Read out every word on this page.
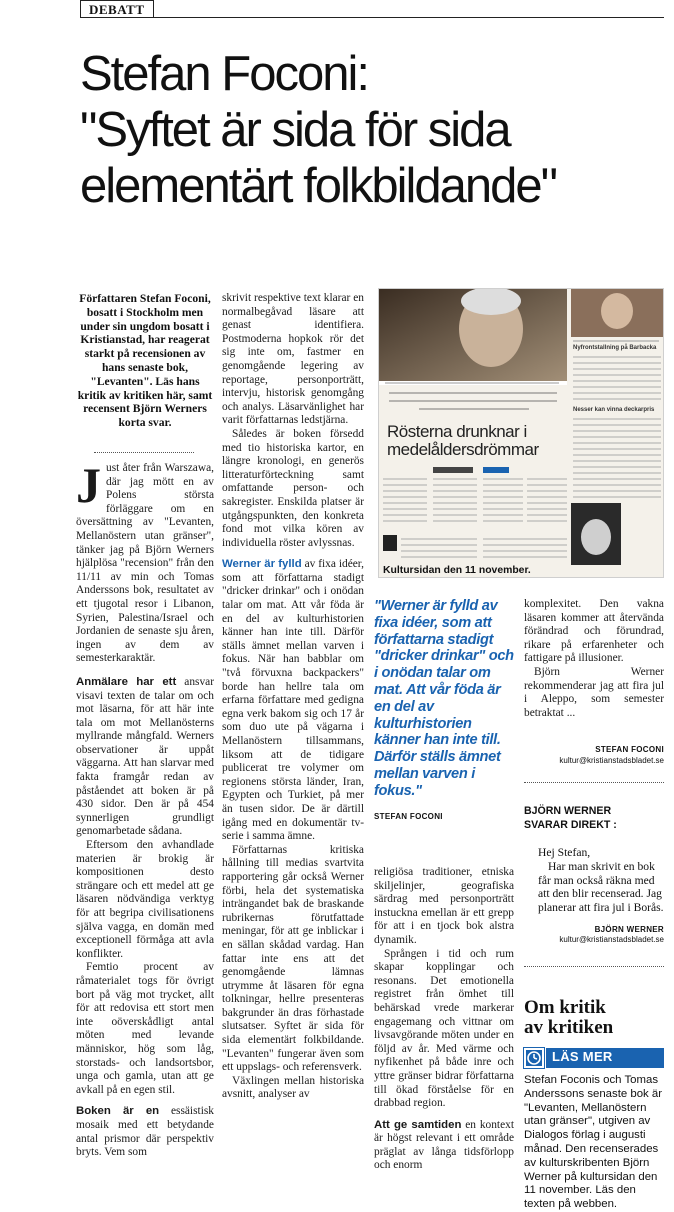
DEBATT
Stefan Foconi:
"Syftet är sida för sida
elementärt folkbildande"
Författaren Stefan Foconi, bosatt i Stockholm men under sin ungdom bosatt i Kristianstad, har reagerat starkt på recensionen av hans senaste bok, "Levanten". Läs hans kritik av kritiken här, samt recensent Björn Werners korta svar.

Just åter från Warszawa, där jag mött en av Polens största förläggare om en översättning av "Levanten, Mellanöstern utan gränser", tänker jag på Björn Werners hjälplösa "recension" från den 11/11 av min och Tomas Anderssons bok, resultatet av ett tjugotal resor i Libanon, Syrien, Palestina/Israel och Jordanien de senaste sju åren, ingen av dem av semesterkaraktär.

Anmälare har ett ansvar visavi texten de talar om och mot läsarna, för att här inte tala om mot Mellanösterns myllrande mångfald. Werners observationer är uppåt väggarna. Att han slarvar med fakta framgår redan av påståendet att boken är på 430 sidor. Den är på 454 synnerligen grundligt genomarbetade sådana.

Eftersom den avhandlade materien är brokig är kompositionen desto strängare och ett medel att ge läsaren nödvändiga verktyg för att begripa civilisationens själva vagga, en domän med exceptionell förmåga att avla konflikter.

Femtio procent av råmaterialet togs för övrigt bort på väg mot trycket, allt för att redovisa ett stort men inte oöverskådligt antal möten med levande människor, hög som låg, storstads- och landsortsbor, unga och gamla, utan att ge avkall på en egen stil.

Boken är en essäistisk mosaik med ett betydande antal prismor där perspektiv bryts. Vem som

skrivit respektive text klarar en normalbegåvad läsare att genast identifiera. Postmoderna hopkok rör det sig inte om, fastmer en genomgående legering av reportage, personporträtt, intervju, historisk genomgång och analys. Läsarvänlighet har varit författarnas ledstjärna.

Således är boken försedd med tio historiska kartor, en längre kronologi, en generös litteraturförteckning samt omfattande person- och sakregister. Enskilda platser är utgångspunkten, den konkreta fond mot vilka kören av individuella röster avlyssnas.

Werner är fylld av fixa idéer, som att författarna stadigt "dricker drinkar" och i onödan talar om mat. Att vår föda är en del av kulturhistorien känner han inte till. Därför ställs ämnet mellan varven i fokus. När han babblar om "två förvuxna backpackers" borde han hellre tala om erfarna författare med gedigna egna verk bakom sig och 17 år som duo ute på vägarna i Mellanöstern tillsammans, liksom att de tidigare publicerat tre volymer om regionens största länder, Iran, Egypten och Turkiet, på mer än tusen sidor. De är därtill igång med en dokumentär tv-serie i samma ämne.

Författarnas kritiska hållning till medias svartvita rapportering går också Werner förbi, hela det systematiska inträngandet bak de braskande rubrikernas förutfattade meningar, för att ge inblickar i en sällan skådad vardag. Han fattar inte ens att det genomgående lämnas utrymme åt läsaren för egna tolkningar, hellre presenteras bakgrunder än dras förhastade slutsatser. Syftet är sida för sida elementärt folkbildande. "Levanten" fungerar även som ett uppslags- och referensverk.

Växlingen mellan historiska avsnitt, analyser av

Rösterna drunknar i medelåldersdrömmar
Nyfrontstallning på Barbacka
Nesser kan vinna deckarpris
Kultursidan den 11 november.
"Werner är fylld av fixa idéer, som att författarna stadigt "dricker drinkar" och i onödan talar om mat. Att vår föda är en del av kulturhistorien känner han inte till. Därför ställs ämnet mellan varven i fokus."
STEFAN FOCONI

religiösa traditioner, etniska skiljelinjer, geografiska särdrag med personporträtt instuckna emellan är ett grepp för att i en tjock bok alstra dynamik.

Sprången i tid och rum skapar kopplingar och resonans. Det emotionella registret från ömhet till behärskad vrede markerar engagemang och vittnar om livsavgörande möten under en följd av år. Med värme och nyfikenhet på både inre och yttre gränser bidrar författarna till ökad förståelse för en drabbad region.

Att ge samtiden en kontext är högst relevant i ett område präglat av långa tidsförlopp och enorm

komplexitet. Den vakna läsaren kommer att återvända förändrad och förundrad, rikare på erfarenheter och fattigare på illusioner.

Björn Werner rekommenderar jag att fira jul i Aleppo, som semester betraktat ...

STEFAN FOCONI
kultur@kristianstadsbladet.se
BJÖRN WERNER
SVARAR DIREKT :
Hej Stefan,
Har man skrivit en bok får man också räkna med att den blir recenserad. Jag planerar att fira jul i Borås.
BJÖRN WERNER
kultur@kristianstadsbladet.se
Om kritik
av kritiken
LÄS MER
Stefan Foconis och Tomas Anderssons senaste bok är "Levanten, Mellanöstern utan gränser", utgiven av Dialogos förlag i augusti månad. Den recenserades av kulturskribenten Björn Werner på kultursidan den 11 november. Läs den texten på webben.
